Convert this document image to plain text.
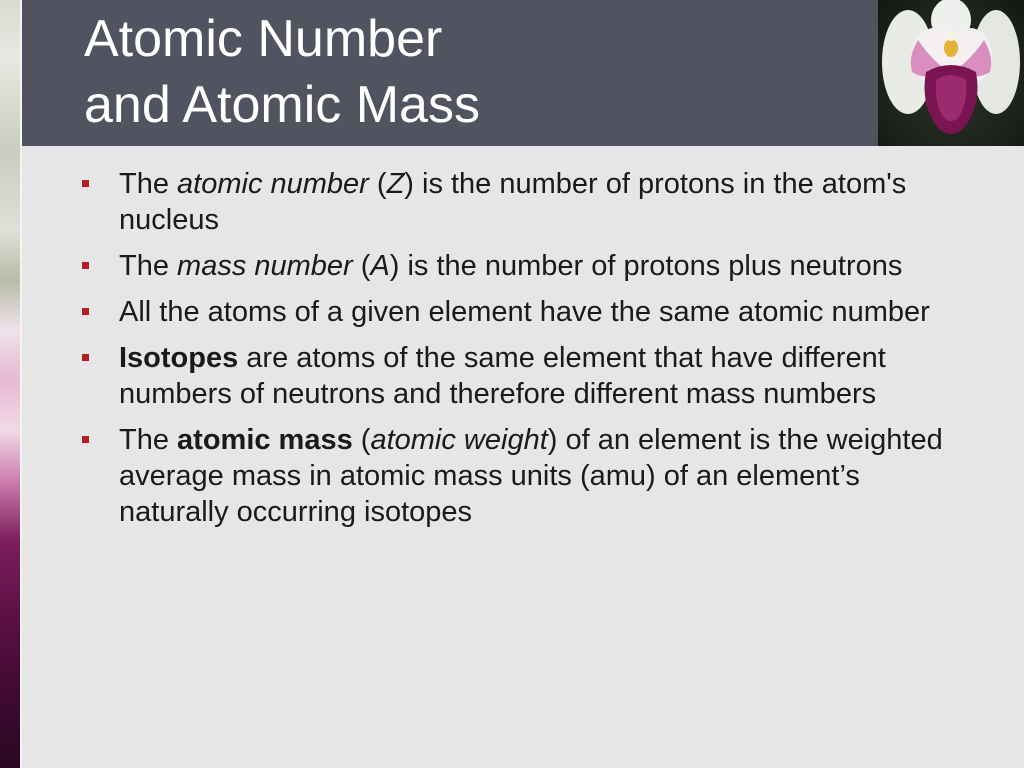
Atomic Number
and Atomic Mass
The atomic number (Z) is the number of protons in the atom's nucleus
The mass number (A) is the number of protons plus neutrons
All the atoms of a given element have the same atomic number
Isotopes are atoms of the same element that have different numbers of neutrons and therefore different mass numbers
The atomic mass (atomic weight) of an element is the weighted average mass in atomic mass units (amu) of an element’s naturally occurring isotopes
